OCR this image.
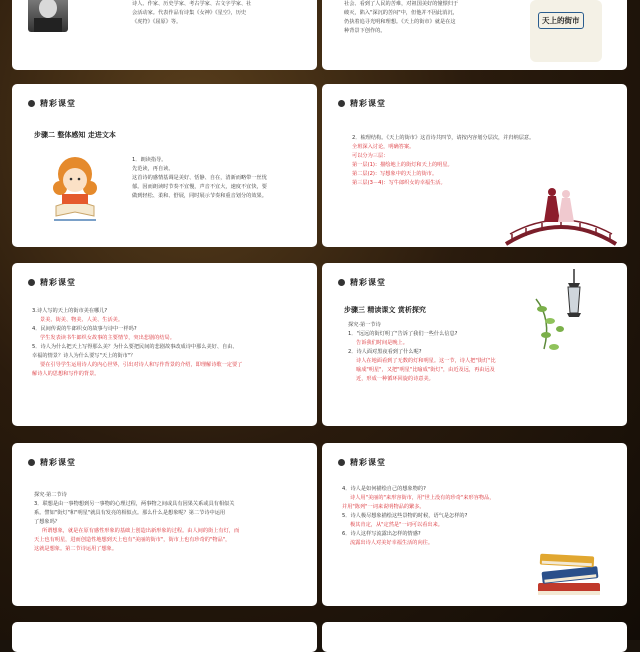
诗人、作家、历史学家、考古学家、古文字学家、社
会活动家。代表作品有诗集《女神》《星空》，历史
《虎符》《屈原》等。
社会、看到了人民的苦难，对祖国美好的憧憬归于
破灭，陷入"深沉的苦闷"中，但他并不因此消沉，
仍执着追寻光明和理想。《天上的街市》就是在这
种背景下创作的。
天上的街市
精彩课堂
步骤二 整体感知 走进文本
1．朗读指导。
先范读，再自读。
这首诗的感情基调是美好、恬静、自在，清新而略带一丝忧
郁。因而朗读时节奏不宜慢，声音不宜大，速度不宜快，要
做到轻松、柔和、舒展，同时展示节奏和重音划分的效果。
精彩课堂
2．梳理结构。《天上的街市》这首诗共四节，请按内容划分层次，并归纳层意。
全班深入讨论，明确答案。
可以分为三层：
第一层(1)：描绘地上的街灯和天上的明星。
第二层(2)：写想象中的天上的街市。
第三层(3－4)：写牛郎织女的幸福生活。
精彩课堂
3.诗人写的天上的街市美在哪儿?
景美、街美、物美、人美、生活美。
4．民间传说的牛郎织女的故事与诗中一样吗?
学生发表读书牛郎织女故事的主要情节，突出悲剧的结局。
5．诗人为什么把天上写得那么美？为什么要把民间的悲剧故事改成诗中那么美好、自由、
幸福的情景？诗人为什么要写"天上的街市"？
要在引导学生运用诗人的内心世界，引出对诗人和写作背景的介绍，即理解诗歌一定要了
解诗人的思想和写作的背景。
精彩课堂
步骤三 精读课文 赏析探究
探究·第一节诗
1．"远远的街灯明了"告诉了我们一些什么信息?
告诉我们时间是晚上。
2．诗人面对黑夜看到了什么呢?
诗人在地面看到了无数的灯和明星。这一节，诗人把"街灯"比
喻成"明星"，又把"明星"比喻成"街灯"，由近及远，再由远及
近，形成一种循环回旋的诗意美。
精彩课堂
探究·第二节诗
3．联想是由一事物想到另一事物的心理过程，两事物之间或具有因果关系或具有相似关
系。譬如"街灯"和"明星"就具有发亮的相似点。那么什么是想象呢？第二节诗中运用
了想象吗？
所谓想象，就是在原有感性形象的基础上创造出新形象的过程。由人间的街上有灯，而
天上也有明星，进而创造性地想到天上也有"美丽的街市"，街市上也有珍奇的"物品"，
这就是想象。第二节诗运用了想象。
精彩课堂
4．诗人是如何描绘自己的想象物的?
诗人用"美丽的"来形容街市，用"世上没有的珍奇"来形容物品，
并用"陈列"一词来说明物品的繁多。
5．诗人极尽想象描绘这些景物的时候，语气是怎样的?
极其肯定，从"定然是"一词可以看出来。
6．诗人这样写流露出怎样的情感?
流露出诗人对美好幸福生活的向往。
